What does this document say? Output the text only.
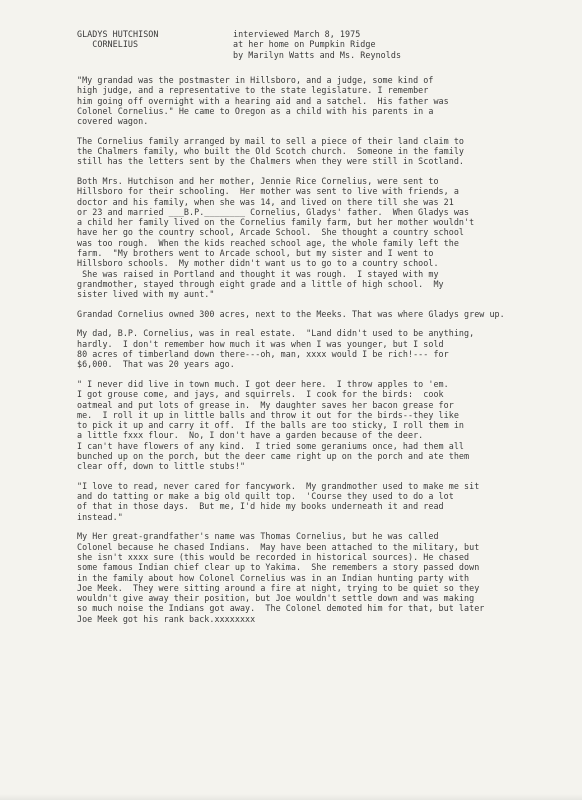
GLADYS HUTCHISON
CORNELIUS
interviewed March 8, 1975
at her home on Pumpkin Ridge
by Marilyn Watts and Ms. Reynolds
"My grandad was the postmaster in Hillsboro, and a judge, some kind of
high judge, and a representative to the state legislature. I remember
him going off overnight with a hearing aid and a satchel.  His father was
Colonel Cornelius." He came to Oregon as a child with his parents in a
covered wagon.
The Cornelius family arranged by mail to sell a piece of their land claim to
the Chalmers family, who built the Old Scotch church.  Someone in the family
still has the letters sent by the Chalmers when they were still in Scotland.
Both Mrs. Hutchison and her mother, Jennie Rice Cornelius, were sent to
Hillsboro for their schooling.  Her mother was sent to live with friends, a
doctor and his family, when she was 14, and lived on there till she was 21
or 23 and married ___B.P.________ Cornelius, Gladys' father.  When Gladys was
a child her family lived on the Cornelius family farm, but her mother wouldn't
have her go the country school, Arcade School.  She thought a country school
was too rough.  When the kids reached school age, the whole family left the
farm.  "My brothers went to Arcade school, but my sister and I went to
Hillsboro schools.  My mother didn't want us to go to a country school.
She was raised in Portland and thought it was rough.  I stayed with my
grandmother, stayed through eight grade and a little of high school.  My
sister lived with my aunt."
Grandad Cornelius owned 300 acres, next to the Meeks. That was where Gladys grew up.
My dad, B.P. Cornelius, was in real estate.  "Land didn't used to be anything,
hardly.  I don't remember how much it was when I was younger, but I sold
80 acres of timberland down there---oh, man, xxxx would I be rich!--- for
$6,000.  That was 20 years ago.
" I never did live in town much. I got deer here.  I throw apples to 'em.
I got grouse come, and jays, and squirrels.  I cook for the birds:  cook
oatmeal and put lots of grease in.  My daughter saves her bacon grease for
me.  I roll it up in little balls and throw it out for the birds--they like
to pick it up and carry it off.  If the balls are too sticky, I roll them in
a little fxxx flour.  No, I don't have a garden because of the deer.
I can't have flowers of any kind.  I tried some geraniums once, had them all
bunched up on the porch, but the deer came right up on the porch and ate them
clear off, down to little stubs!"
"I love to read, never cared for fancywork.  My grandmother used to make me sit
and do tatting or make a big old quilt top.  'Course they used to do a lot
of that in those days.  But me, I'd hide my books underneath it and read
instead."
My Her great-grandfather's name was Thomas Cornelius, but he was called
Colonel because he chased Indians.  May have been attached to the military, but
she isn't xxxx sure (this would be recorded in historical sources). He chased
some famous Indian chief clear up to Yakima.  She remembers a story passed down
in the family about how Colonel Cornelius was in an Indian hunting party with
Joe Meek.  They were sitting around a fire at night, trying to be quiet so they
wouldn't give away their position, but Joe wouldn't settle down and was making
so much noise the Indians got away.  The Colonel demoted him for that, but later
Joe Meek got his rank back.xxxxxxxx
